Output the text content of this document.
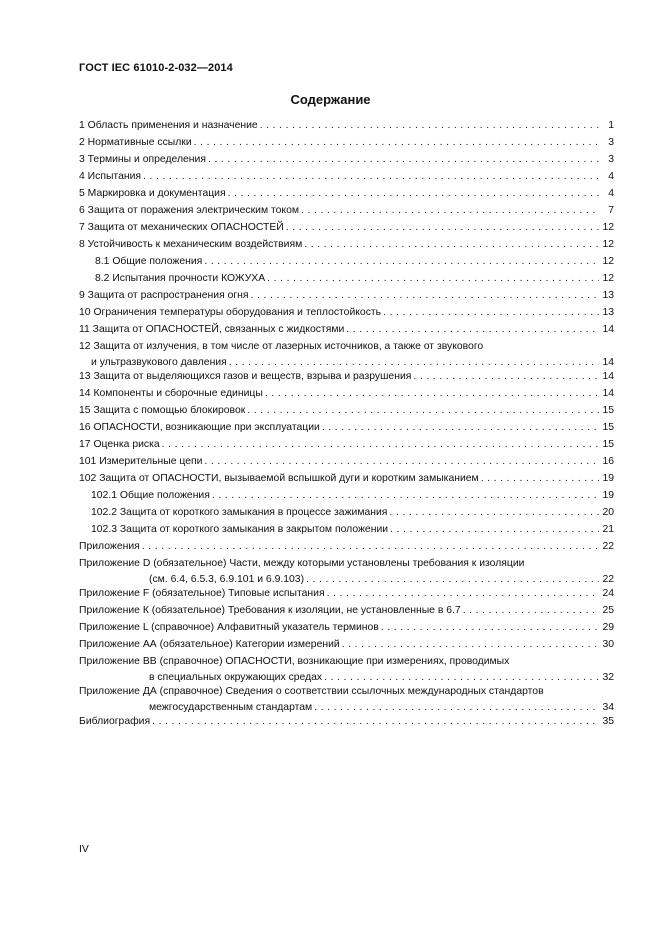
ГОСТ IEC 61010-2-032—2014
Содержание
1 Область применения и назначение . . .	1
2 Нормативные ссылки . . .	3
3 Термины и определения . . .	3
4 Испытания . . .	4
5 Маркировка и документация . . .	4
6 Защита от поражения электрическим током . . .	7
7 Защита от механических ОПАСНОСТЕЙ . . .	12
8 Устойчивость к механическим воздействиям . . .	12
8.1 Общие положения . . .	12
8.2 Испытания прочности КОЖУХА . . .	12
9 Защита от распространения огня . . .	13
10 Ограничения температуры оборудования и теплостойкость . . .	13
11 Защита от ОПАСНОСТЕЙ, связанных с жидкостями . . .	14
12 Защита от излучения, в том числе от лазерных источников, а также от звукового
и ультразвукового давления . . .	14
13 Защита от выделяющихся газов и веществ, взрыва и разрушения . . .	14
14 Компоненты и сборочные единицы . . .	14
15 Защита с помощью блокировок . . .	15
16 ОПАСНОСТИ, возникающие при эксплуатации . . .	15
17 Оценка риска . . .	15
101 Измерительные цепи . . .	16
102 Защита от ОПАСНОСТИ, вызываемой вспышкой дуги и коротким замыканием . . .	19
102.1 Общие положения . . .	19
102.2 Защита от короткого замыкания в процессе зажимания . . .	20
102.3 Защита от короткого замыкания в закрытом положении . . .	21
Приложения . . .	22
Приложение D (обязательное) Части, между которыми установлены требования к изоляции
(см. 6.4, 6.5.3, 6.9.101 и 6.9.103) . . .	22
Приложение F (обязательное) Типовые испытания . . .	24
Приложение К (обязательное) Требования к изоляции, не установленные в 6.7 . . .	25
Приложение L (справочное) Алфавитный указатель терминов . . .	29
Приложение АА (обязательное) Категории измерений . . .	30
Приложение ВВ (справочное) ОПАСНОСТИ, возникающие при измерениях, проводимых
в специальных окружающих средах . . .	32
Приложение ДА (справочное) Сведения о соответствии ссылочных международных стандартов
межгосударственным стандартам . . .	34
Библиография . . .	35
IV
